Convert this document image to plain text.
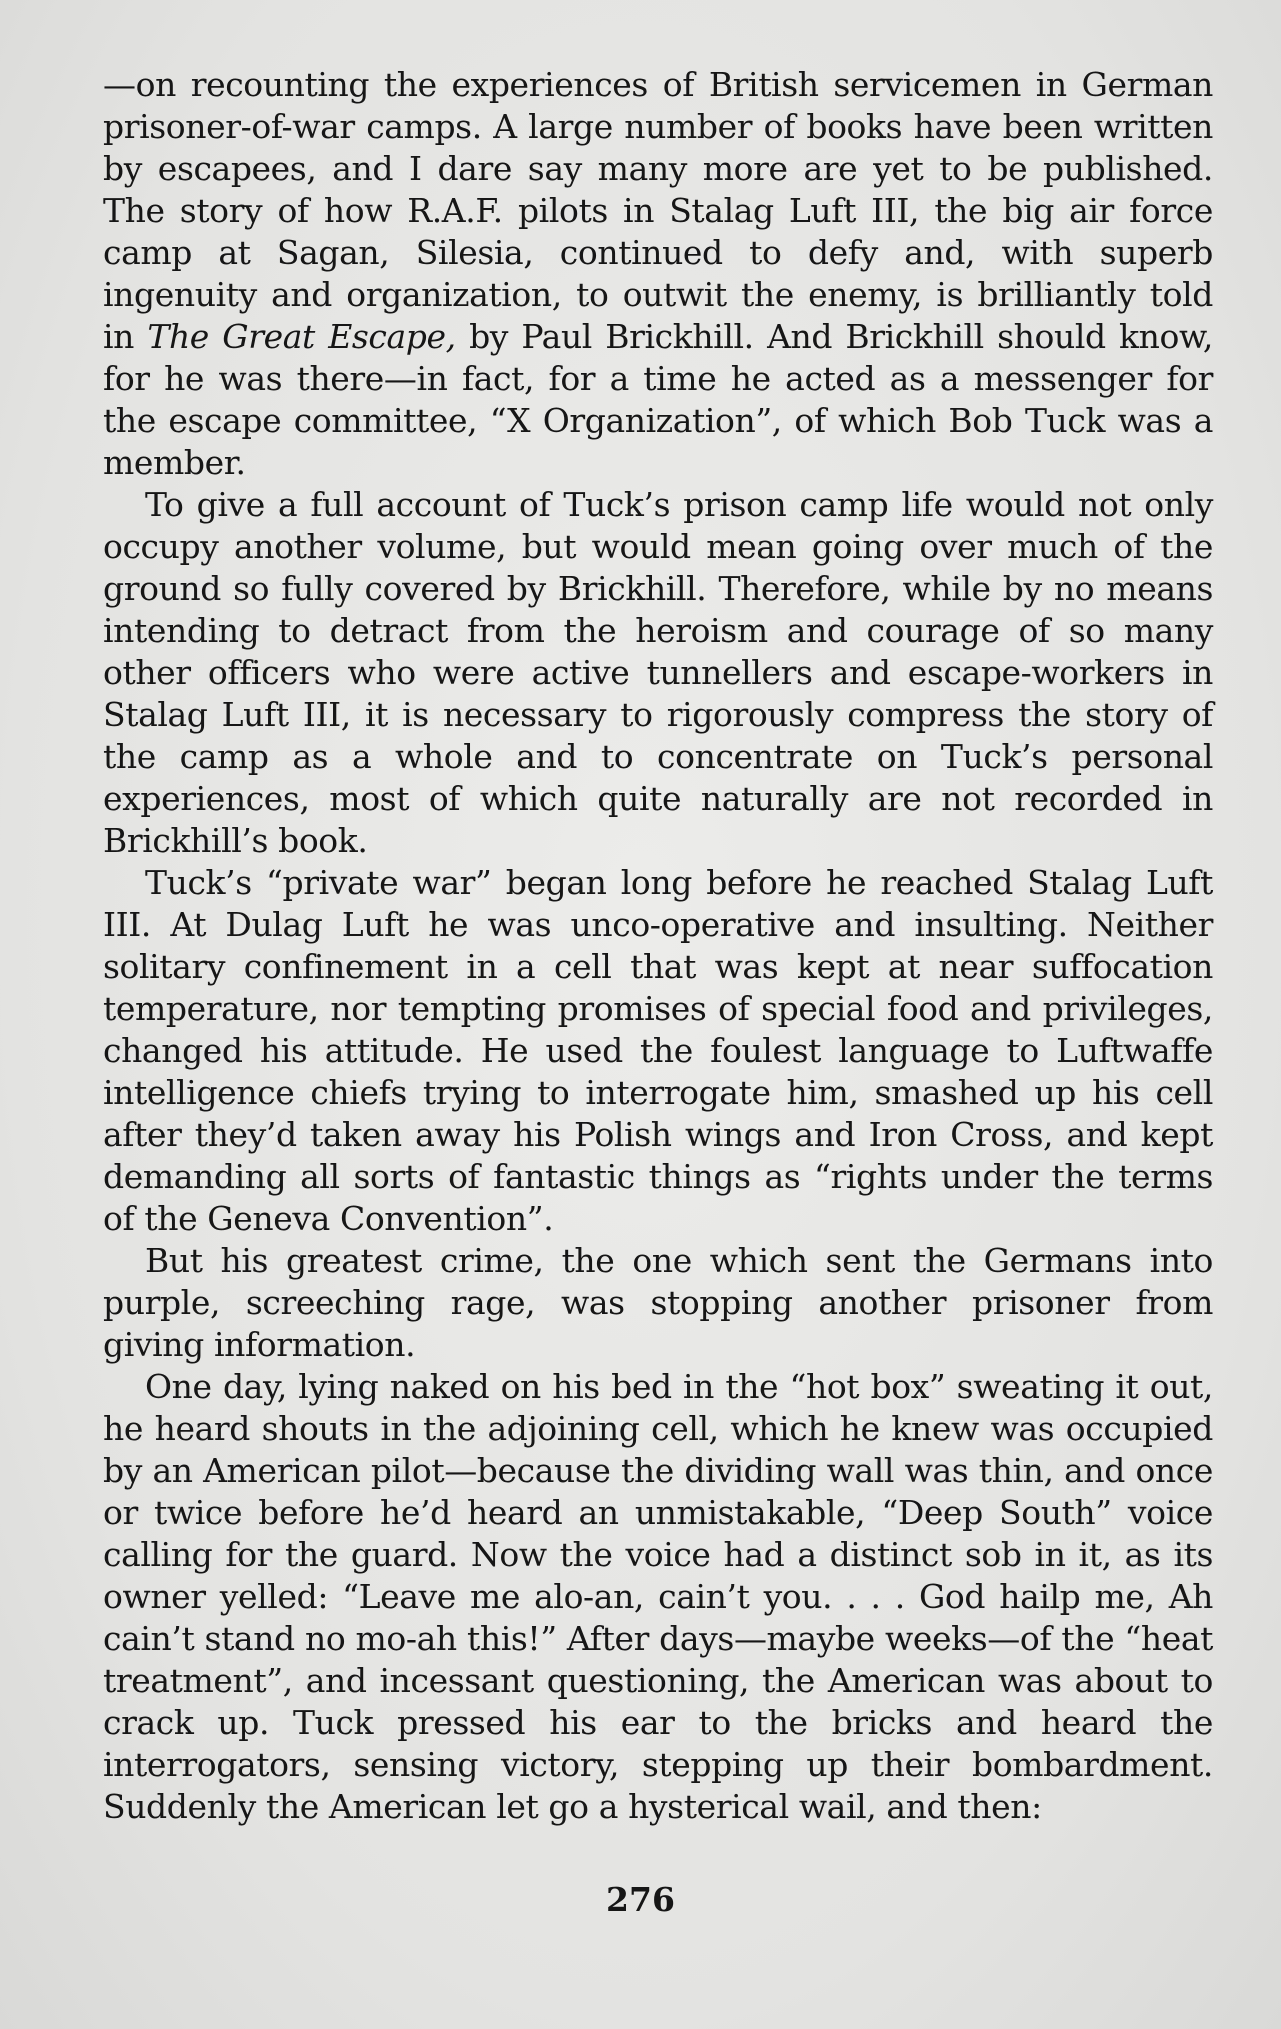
—on recounting the experiences of British servicemen in German prisoner-of-war camps. A large number of books have been written by escapees, and I dare say many more are yet to be published. The story of how R.A.F. pilots in Stalag Luft III, the big air force camp at Sagan, Silesia, continued to defy and, with superb ingenuity and organization, to outwit the enemy, is brilliantly told in The Great Escape, by Paul Brickhill. And Brickhill should know, for he was there—in fact, for a time he acted as a messenger for the escape committee, “X Organization”, of which Bob Tuck was a member.

To give a full account of Tuck’s prison camp life would not only occupy another volume, but would mean going over much of the ground so fully covered by Brickhill. Therefore, while by no means intending to detract from the heroism and courage of so many other officers who were active tunnellers and escape-workers in Stalag Luft III, it is necessary to rigorously compress the story of the camp as a whole and to concentrate on Tuck’s personal experiences, most of which quite naturally are not recorded in Brickhill’s book.

Tuck’s “private war” began long before he reached Stalag Luft III. At Dulag Luft he was unco-operative and insulting. Neither solitary confinement in a cell that was kept at near suffocation temperature, nor tempting promises of special food and privileges, changed his attitude. He used the foulest language to Luftwaffe intelligence chiefs trying to interrogate him, smashed up his cell after they’d taken away his Polish wings and Iron Cross, and kept demanding all sorts of fantastic things as “rights under the terms of the Geneva Convention”.

But his greatest crime, the one which sent the Germans into purple, screeching rage, was stopping another prisoner from giving information.

One day, lying naked on his bed in the “hot box” sweating it out, he heard shouts in the adjoining cell, which he knew was occupied by an American pilot—because the dividing wall was thin, and once or twice before he’d heard an unmistakable, “Deep South” voice calling for the guard. Now the voice had a distinct sob in it, as its owner yelled: “Leave me alo-an, cain’t you. . . . God hailp me, Ah cain’t stand no mo-ah this!” After days—maybe weeks—of the “heat treatment”, and incessant questioning, the American was about to crack up. Tuck pressed his ear to the bricks and heard the interrogators, sensing victory, stepping up their bombardment. Suddenly the American let go a hysterical wail, and then:

276
